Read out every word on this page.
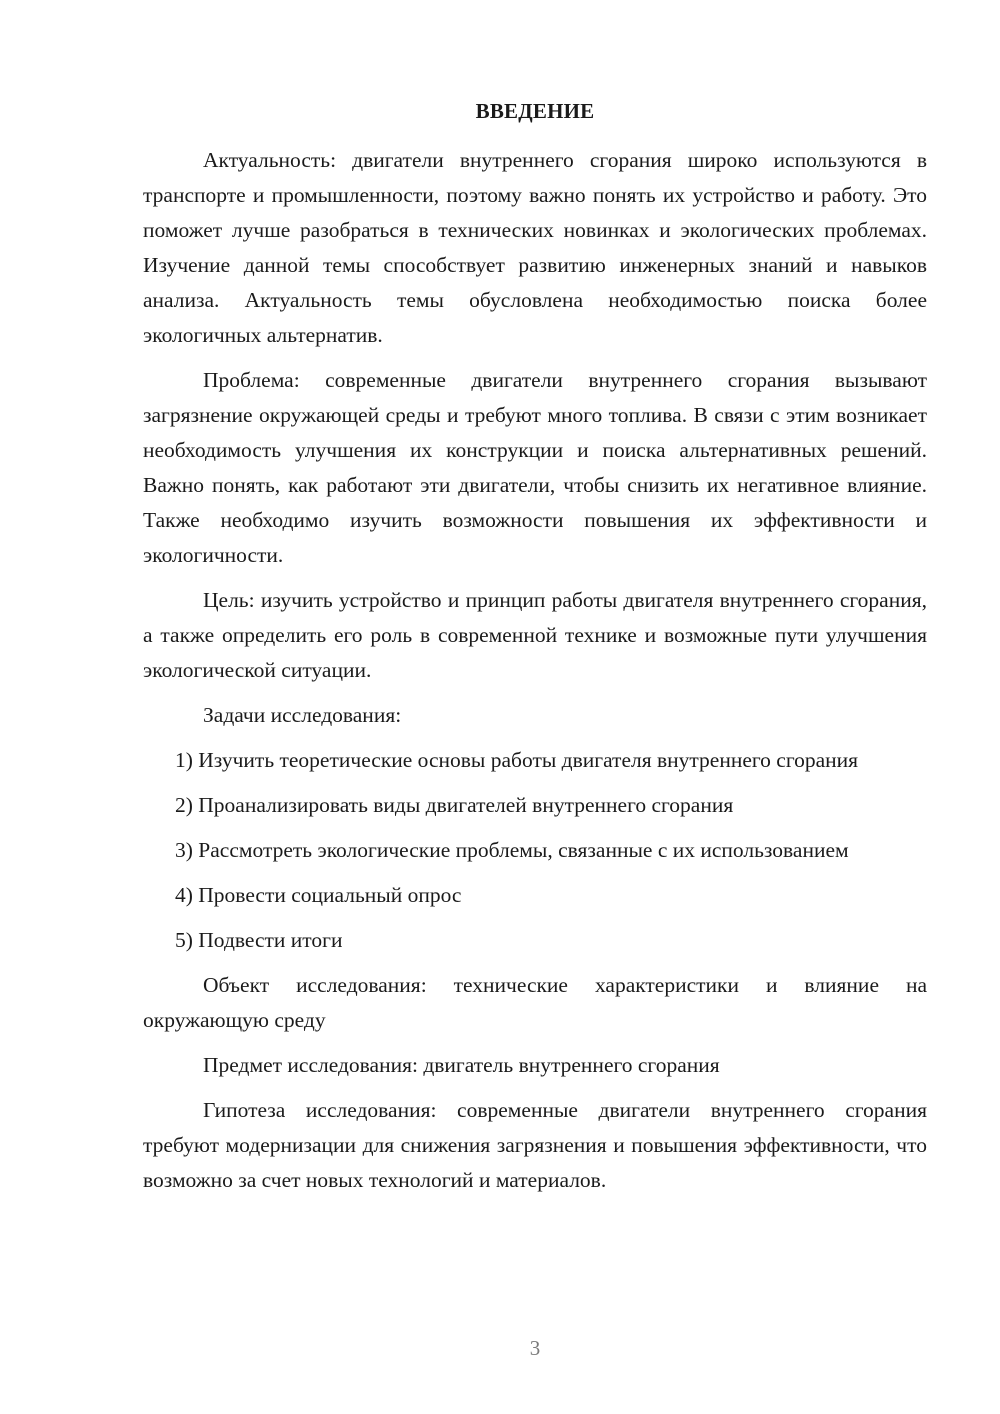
ВВЕДЕНИЕ

Актуальность: двигатели внутреннего сгорания широко используются в транспорте и промышленности, поэтому важно понять их устройство и работу. Это поможет лучше разобраться в технических новинках и экологических проблемах. Изучение данной темы способствует развитию инженерных знаний и навыков анализа. Актуальность темы обусловлена необходимостью поиска более экологичных альтернатив.

Проблема: современные двигатели внутреннего сгорания вызывают загрязнение окружающей среды и требуют много топлива. В связи с этим возникает необходимость улучшения их конструкции и поиска альтернативных решений. Важно понять, как работают эти двигатели, чтобы снизить их негативное влияние. Также необходимо изучить возможности повышения их эффективности и экологичности.

Цель: изучить устройство и принцип работы двигателя внутреннего сгорания, а также определить его роль в современной технике и возможные пути улучшения экологической ситуации.

Задачи исследования:

1) Изучить теоретические основы работы двигателя внутреннего сгорания

2) Проанализировать виды двигателей внутреннего сгорания

3) Рассмотреть экологические проблемы, связанные с их использованием

4) Провести социальный опрос

5) Подвести итоги

Объект исследования: технические характеристики и влияние на окружающую среду

Предмет исследования: двигатель внутреннего сгорания

Гипотеза исследования: современные двигатели внутреннего сгорания требуют модернизации для снижения загрязнения и повышения эффективности, что возможно за счет новых технологий и материалов.

3
